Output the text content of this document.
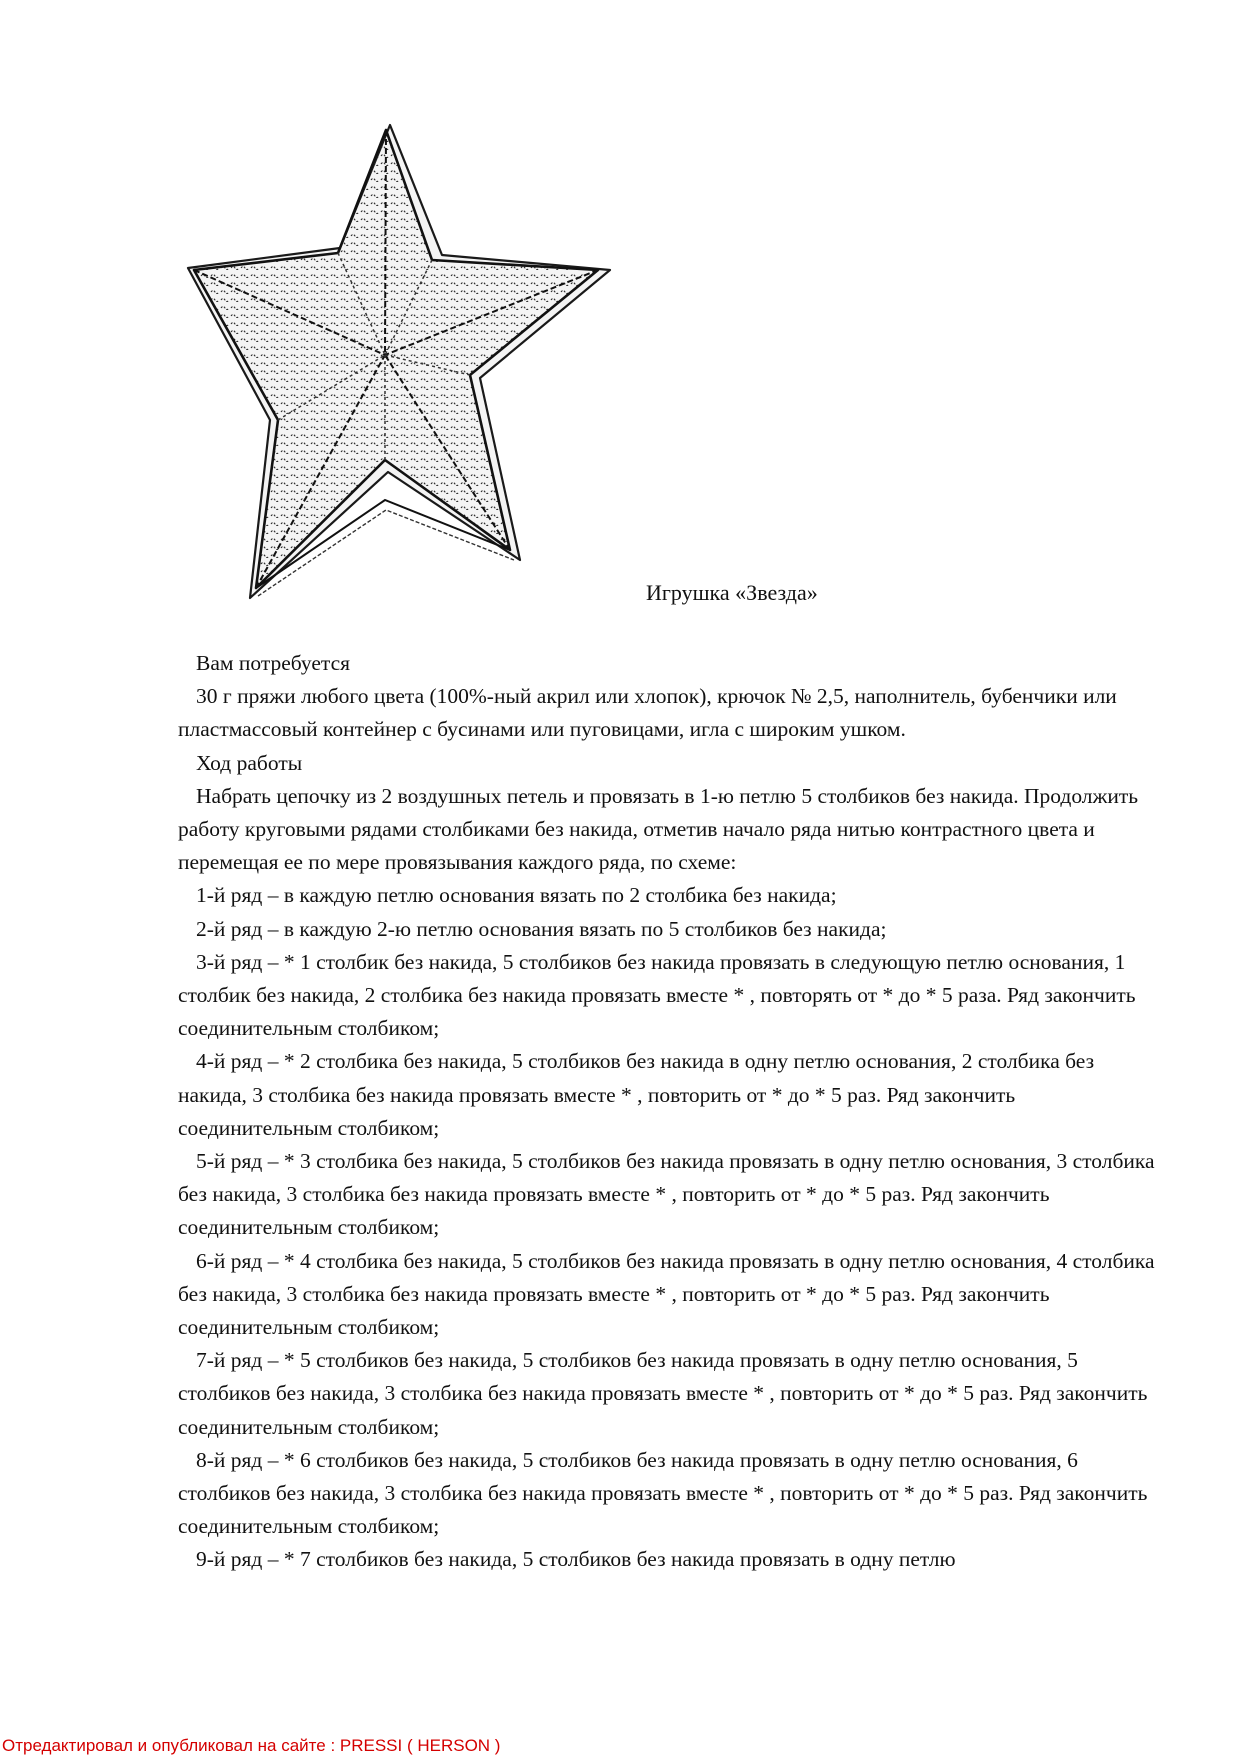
Игрушка «Звезда»

Вам потребуется

30 г пряжи любого цвета (100%-ный акрил или хлопок), крючок № 2,5, наполнитель, бубенчики или пластмассовый контейнер с бусинами или пуговицами, игла с широким ушком.

Ход работы

Набрать цепочку из 2 воздушных петель и провязать в 1-ю петлю 5 столбиков без накида. Продолжить работу круговыми рядами столбиками без накида, отметив начало ряда нитью контрастного цвета и перемещая ее по мере провязывания каждого ряда, по схеме:

1-й ряд – в каждую петлю основания вязать по 2 столбика без накида;

2-й ряд – в каждую 2-ю петлю основания вязать по 5 столбиков без накида;

3-й ряд – * 1 столбик без накида, 5 столбиков без накида провязать в следующую петлю основания, 1 столбик без накида, 2 столбика без накида провязать вместе * , повторять от * до * 5 раза. Ряд закончить соединительным столбиком;

4-й ряд – * 2 столбика без накида, 5 столбиков без накида в одну петлю основания, 2 столбика без накида, 3 столбика без накида провязать вместе * , повторить от * до * 5 раз. Ряд закончить соединительным столбиком;

5-й ряд – * 3 столбика без накида, 5 столбиков без накида провязать в одну петлю основания, 3 столбика без накида, 3 столбика без накида провязать вместе * , повторить от * до * 5 раз. Ряд закончить соединительным столбиком;

6-й ряд – * 4 столбика без накида, 5 столбиков без накида провязать в одну петлю основания, 4 столбика без накида, 3 столбика без накида провязать вместе * , повторить от * до * 5 раз. Ряд закончить соединительным столбиком;

7-й ряд – * 5 столбиков без накида, 5 столбиков без накида провязать в одну петлю основания, 5 столбиков без накида, 3 столбика без накида провязать вместе * , повторить от * до * 5 раз. Ряд закончить соединительным столбиком;

8-й ряд – * 6 столбиков без накида, 5 столбиков без накида провязать в одну петлю основания, 6 столбиков без накида, 3 столбика без накида провязать вместе * , повторить от * до * 5 раз. Ряд закончить соединительным столбиком;

9-й ряд – * 7 столбиков без накида, 5 столбиков без накида провязать в одну петлю

Отредактировал и опубликовал на сайте : PRESSI ( HERSON )
